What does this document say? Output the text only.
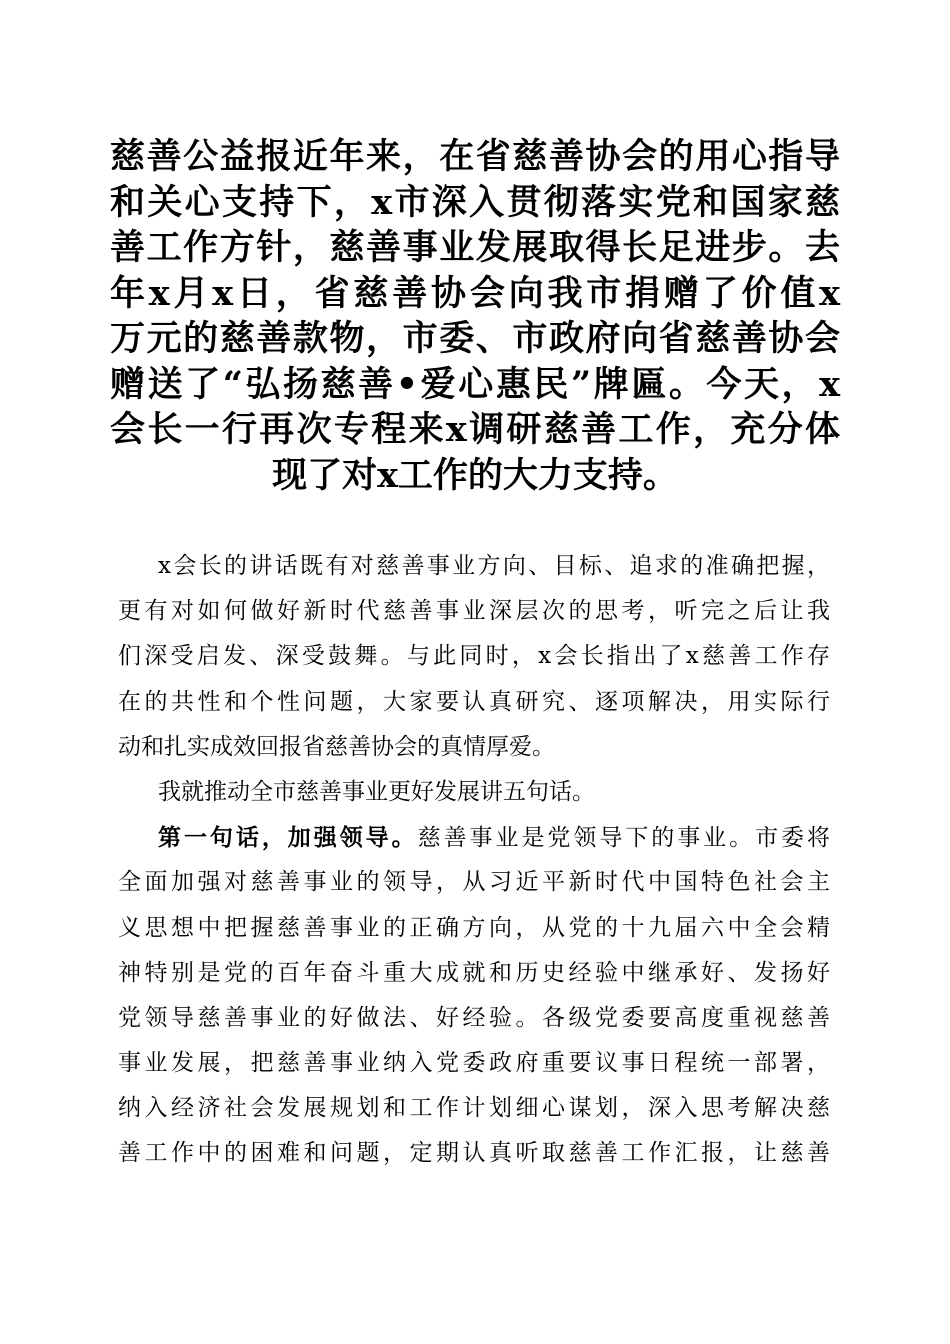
慈善公益报近年来，在省慈善协会的用心指导
和关心支持下，x市深入贯彻落实党和国家慈
善工作方针，慈善事业发展取得长足进步。去
年x月x日，省慈善协会向我市捐赠了价值x
万元的慈善款物，市委、市政府向省慈善协会
赠送了“弘扬慈善•爱心惠民”牌匾。今天，x
会长一行再次专程来x调研慈善工作，充分体
现了对x工作的大力支持。
x会长的讲话既有对慈善事业方向、目标、追求的准确把握，
更有对如何做好新时代慈善事业深层次的思考，听完之后让我
们深受启发、深受鼓舞。与此同时，x会长指出了x慈善工作存
在的共性和个性问题，大家要认真研究、逐项解决，用实际行
动和扎实成效回报省慈善协会的真情厚爱。
我就推动全市慈善事业更好发展讲五句话。
第一句话，加强领导。慈善事业是党领导下的事业。市委将
全面加强对慈善事业的领导，从习近平新时代中国特色社会主
义思想中把握慈善事业的正确方向，从党的十九届六中全会精
神特别是党的百年奋斗重大成就和历史经验中继承好、发扬好
党领导慈善事业的好做法、好经验。各级党委要高度重视慈善
事业发展，把慈善事业纳入党委政府重要议事日程统一部署，
纳入经济社会发展规划和工作计划细心谋划，深入思考解决慈
善工作中的困难和问题，定期认真听取慈善工作汇报，让慈善
